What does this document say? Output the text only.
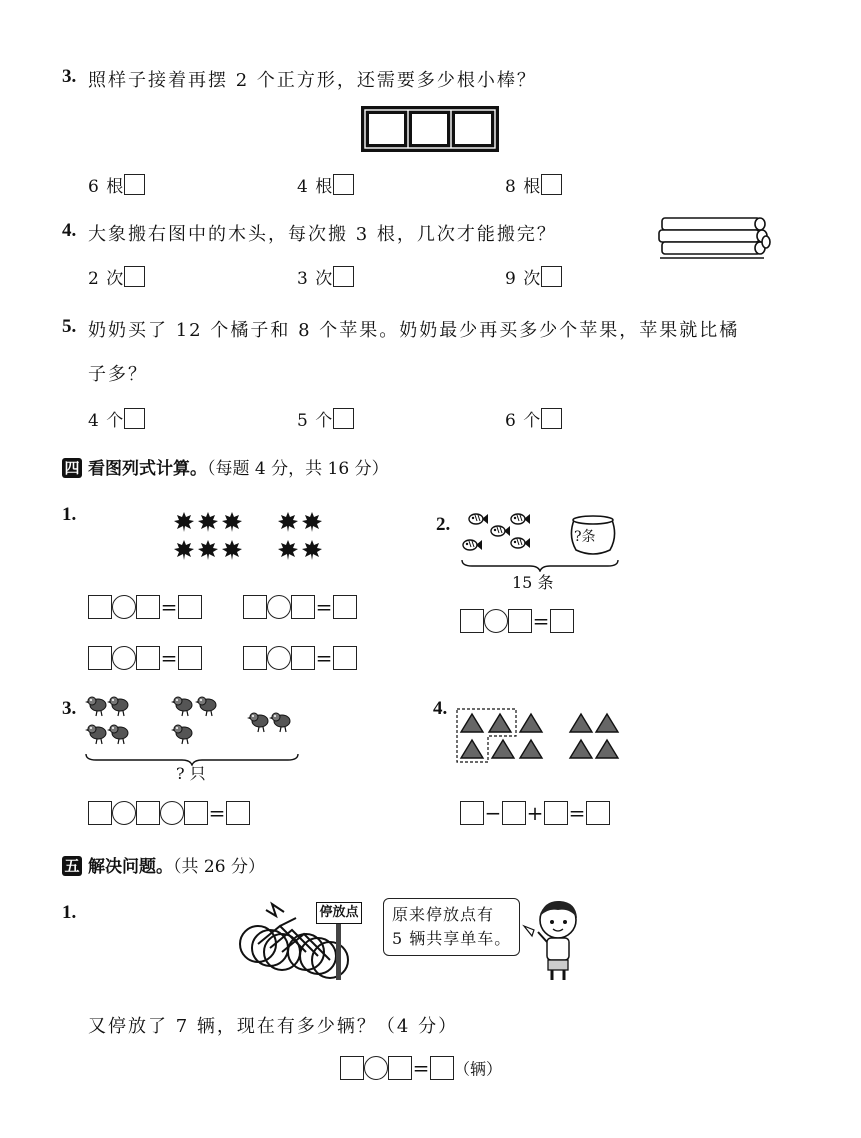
3. 照样子接着再摆 2 个正方形，还需要多少根小棒？
6 根	4 根	8 根
4. 大象搬右图中的木头，每次搬 3 根，几次才能搬完？
2 次	3 次	9 次
5. 奶奶买了 12 个橘子和 8 个苹果。奶奶最少再买多少个苹果，苹果就比橘
子多？
4 个	5 个	6 个
四 看图列式计算。（每题 4 分，共 16 分）
1.
=	=
=	=
2.
?条
15 条
=
3.
? 只
=
4.
− + =
五 解决问题。（共 26 分）
1.	停放点 原来停放点有
5 辆共享单车。
又停放了 7 辆，现在有多少辆？（4 分）
= （辆）
